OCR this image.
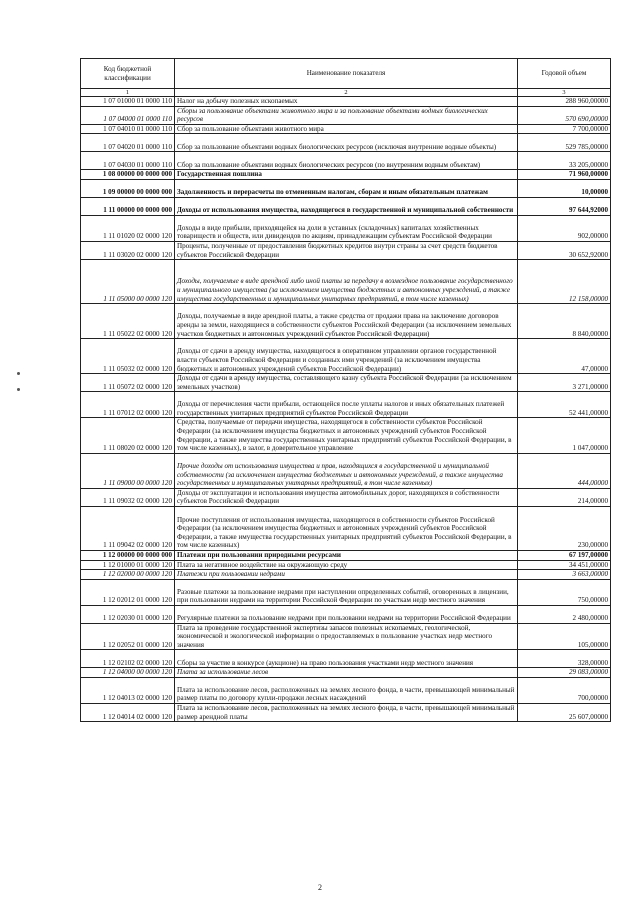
Код бюджетной классификации	Наименование показателя	Годовой объем
1	2	3
1 07 01000 01 0000 110	Налог на добычу полезных ископаемых	288 960,00000
1 07 04000 01 0000 110	Сборы за пользование объектами животного мира и за пользование объектами водных биологических ресурсов	570 690,00000
1 07 04010 01 0000 110	Сбор за пользование объектами животного мира	7 700,00000
1 07 04020 01 0000 110	Сбор за пользование объектами водных биологических ресурсов (исключая внутренние водные объекты)	529 785,00000
1 07 04030 01 0000 110	Сбор за пользование объектами водных биологических ресурсов (по внутренним водным объектам)	33 205,00000
1 08 00000 00 0000 000	Государственная пошлина	71 960,00000
1 09 00000 00 0000 000	Задолженность и перерасчеты по отмененным налогам, сборам и иным обязательным платежам	10,00000
1 11 00000 00 0000 000	Доходы от использования имущества, находящегося в государственной и муниципальной собственности	97 644,92000
1 11 01020 02 0000 120	Доходы в виде прибыли, приходящейся на доли в уставных (складочных) капиталах хозяйственных товариществ и обществ, или дивидендов по акциям, принадлежащим субъектам Российской Федерации	902,00000
1 11 03020 02 0000 120	Проценты, полученные от предоставления бюджетных кредитов внутри страны за счет средств бюджетов субъектов Российской Федерации	30 652,92000
1 11 05000 00 0000 120	Доходы, получаемые в виде арендной либо иной платы за передачу в возмездное пользование государственного и муниципального имущества (за исключением имущества бюджетных и автономных учреждений, а также имущества государственных и муниципальных унитарных предприятий, в том числе казенных)	12 158,00000
1 11 05022 02 0000 120	Доходы, получаемые в виде арендной платы, а также средства от продажи права на заключение договоров аренды за земли, находящиеся в собственности субъектов Российской Федерации (за исключением земельных участков бюджетных и автономных учреждений субъектов Российской Федерации)	8 840,00000
1 11 05032 02 0000 120	Доходы от сдачи в аренду имущества, находящегося в оперативном управлении органов государственной власти субъектов Российской Федерации и созданных ими учреждений (за исключением имущества бюджетных и автономных учреждений субъектов Российской Федерации)	47,00000
1 11 05072 02 0000 120	Доходы от сдачи в аренду имущества, составляющего казну субъекта Российской Федерации (за исключением земельных участков)	3 271,00000
1 11 07012 02 0000 120	Доходы от перечисления части прибыли, остающейся после уплаты налогов и иных обязательных платежей государственных унитарных предприятий субъектов Российской Федерации	52 441,00000
1 11 08020 02 0000 120	Средства, получаемые от передачи имущества, находящегося в собственности субъектов Российской Федерации (за исключением имущества бюджетных и автономных учреждений субъектов Российской Федерации, а также имущества государственных унитарных предприятий субъектов Российской Федерации, в том числе казенных), в залог, в доверительное управление	1 047,00000
1 11 09000 00 0000 120	Прочие доходы от использования имущества и прав, находящихся в государственной и муниципальной собственности (за исключением имущества бюджетных и автономных учреждений, а также имущества государственных и муниципальных унитарных предприятий, в том числе казенных)	444,00000
1 11 09032 02 0000 120	Доходы от эксплуатации и использования имущества автомобильных дорог, находящихся в собственности субъектов Российской Федерации	214,00000
1 11 09042 02 0000 120	Прочие поступления от использования имущества, находящегося в собственности субъектов Российской Федерации (за исключением имущества бюджетных и автономных учреждений субъектов Российской Федерации, а также имущества государственных унитарных предприятий субъектов Российской Федерации, в том числе казенных)	230,00000
1 12 00000 00 0000 000	Платежи при пользовании природными ресурсами	67 197,00000
1 12 01000 01 0000 120	Плата за негативное воздействие на окружающую среду	34 451,00000
1 12 02000 00 0000 120	Платежи при пользовании недрами	3 663,00000
1 12 02012 01 0000 120	Разовые платежи за пользование недрами при наступлении определенных событий, оговоренных в лицензии, при пользовании недрами на территории Российской Федерации по участкам недр местного значения	750,00000
1 12 02030 01 0000 120	Регулярные платежи за пользование недрами при пользовании недрами на территории Российской Федерации	2 480,00000
1 12 02052 01 0000 120	Плата за проведение государственной экспертизы запасов полезных ископаемых, геологической, экономической и экологической информации о предоставляемых в пользование участках недр местного значения	105,00000
1 12 02102 02 0000 120	Сборы за участие в конкурсе (аукционе) на право пользования участками недр местного значения	328,00000
1 12 04000 00 0000 120	Плата за использование лесов	29 083,00000
1 12 04013 02 0000 120	Плата за использование лесов, расположенных на землях лесного фонда, в части, превышающей минимальный размер платы по договору купли-продажи лесных насаждений	700,00000
1 12 04014 02 0000 120	Плата за использование лесов, расположенных на землях лесного фонда, в части, превышающей минимальный размер арендной платы	25 607,00000
2
